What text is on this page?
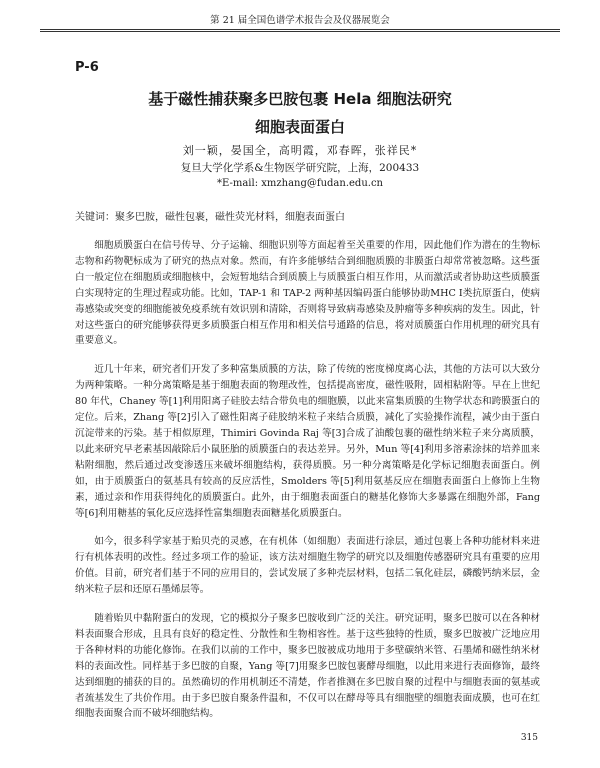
第 21 届全国色谱学术报告会及仪器展览会
P-6
基于磁性捕获聚多巴胺包裹 Hela 细胞法研究
细胞表面蛋白
刘一颖，晏国全，高明霞，邓春晖，张祥民*
复旦大学化学系&生物医学研究院，上海，200433
*E-mail: xmzhang@fudan.edu.cn
关键词：聚多巴胺，磁性包裹，磁性荧光材料，细胞表面蛋白

细胞质膜蛋白在信号传导、分子运输、细胞识别等方面起着至关重要的作用，因此他们作为潜在的生物标志物和药物靶标成为了研究的热点对象。然而，有许多能够结合到细胞质膜的非膜蛋白却常常被忽略。这些蛋白一般定位在细胞质或细胞核中，会短暂地结合到质膜上与质膜蛋白相互作用，从而激活或者协助这些质膜蛋白实现特定的生理过程或功能。比如，TAP-1 和 TAP-2 两种基因编码蛋白能够协助MHC Ⅰ类抗原蛋白，使病毒感染或突变的细胞能被免疫系统有效识别和清除，否则将导致病毒感染及肿瘤等多种疾病的发生。因此，针对这些蛋白的研究能够获得更多质膜蛋白相互作用和相关信号通路的信息，将对质膜蛋白作用机理的研究具有重要意义。

近几十年来，研究者们开发了多种富集质膜的方法，除了传统的密度梯度离心法，其他的方法可以大致分为两种策略。一种分离策略是基于细胞表面的物理改性，包括提高密度，磁性吸附，固相粘附等。早在上世纪 80 年代，Chaney 等[1]利用阳离子硅胶去结合带负电的细胞膜，以此来富集质膜的生物学状态和跨膜蛋白的定位。后来，Zhang 等[2]引入了磁性阳离子硅胶纳米粒子来结合质膜，减化了实验操作流程，减少由于蛋白沉淀带来的污染。基于相似原理，Thimiri Govinda Raj 等[3]合成了油酸包裹的磁性纳米粒子来分离质膜，以此来研究早老素基因敲除后小鼠胚胎的质膜蛋白的表达差异。另外，Mun 等[4]利用多溶素涂抹的培养皿来粘附细胞，然后通过改变渗透压来破坏细胞结构，获得质膜。另一种分离策略是化学标记细胞表面蛋白。例如，由于质膜蛋白的氨基具有较高的反应活性，Smolders 等[5]利用氨基反应在细胞表面蛋白上修饰上生物素，通过亲和作用获得纯化的质膜蛋白。此外，由于细胞表面蛋白的糖基化修饰大多暴露在细胞外部，Fang 等[6]利用糖基的氧化反应选择性富集细胞表面糖基化质膜蛋白。

如今，很多科学家基于贻贝壳的灵感，在有机体（如细胞）表面进行涂层，通过包裹上各种功能材料来进行有机体表明的改性。经过多项工作的验证，该方法对细胞生物学的研究以及细胞传感器研究具有重要的应用价值。目前，研究者们基于不同的应用目的，尝试发展了多种壳层材料，包括二氧化硅层，磷酸钙纳米层，金纳米粒子层和还原石墨烯层等。

随着贻贝中黏附蛋白的发现，它的模拟分子聚多巴胺收到广泛的关注。研究证明，聚多巴胺可以在各种材料表面聚合形成，且具有良好的稳定性、分散性和生物相容性。基于这些独特的性质，聚多巴胺被广泛地应用于各种材料的功能化修饰。在我们以前的工作中，聚多巴胺被成功地用于多壁碳纳米管、石墨烯和磁性纳米材料的表面改性。同样基于多巴胺的自聚，Yang 等[7]用聚多巴胺包裹酵母细胞，以此用来进行表面修饰，最终达到细胞的捕获的目的。虽然确切的作用机制还不清楚，作者推测在多巴胺自聚的过程中与细胞表面的氨基或者巯基发生了共价作用。由于多巴胺自聚条件温和，不仅可以在酵母等具有细胞壁的细胞表面成膜，也可在红细胞表面聚合而不破坏细胞结构。

315
